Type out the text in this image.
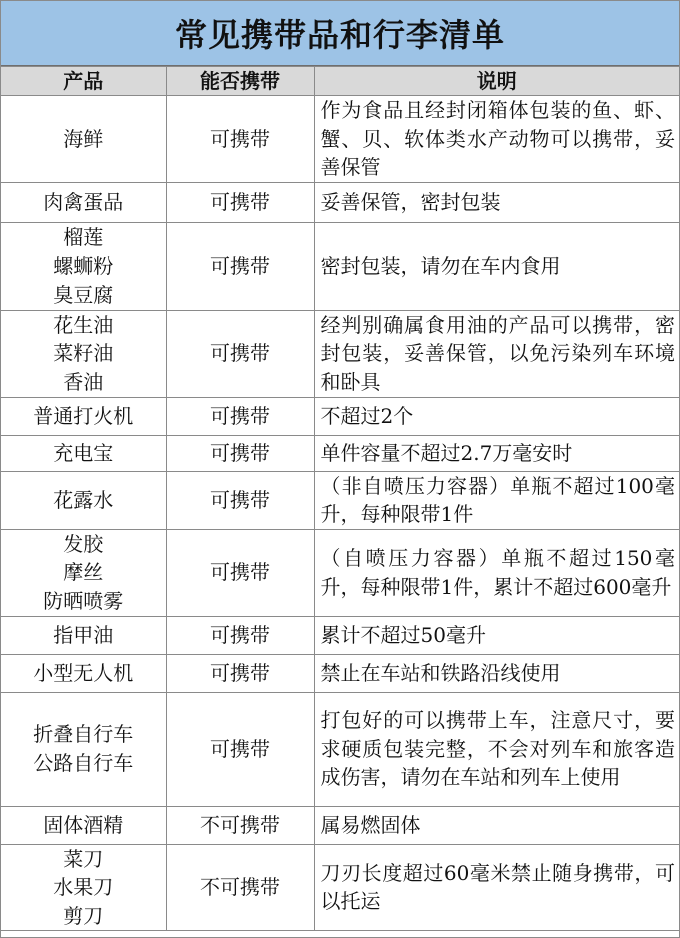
常见携带品和行李清单
产品	能否携带	说明

海鲜	可携带	作为食品且经封闭箱体包装的鱼、虾、蟹、贝、软体类水产动物可以携带，妥善保管

肉禽蛋品	可携带	妥善保管，密封包装

榴莲
螺蛳粉
臭豆腐	可携带	密封包装，请勿在车内食用

花生油
菜籽油
香油	可携带	经判别确属食用油的产品可以携带，密封包装，妥善保管，以免污染列车环境和卧具

普通打火机	可携带	不超过2个

充电宝	可携带	单件容量不超过2.7万毫安时

花露水	可携带	（非自喷压力容器）单瓶不超过100毫升，每种限带1件

发胶
摩丝
防晒喷雾	可携带	（自喷压力容器）单瓶不超过150毫升，每种限带1件，累计不超过600毫升

指甲油	可携带	累计不超过50毫升

小型无人机	可携带	禁止在车站和铁路沿线使用

折叠自行车
公路自行车	可携带	打包好的可以携带上车，注意尺寸，要求硬质包装完整，不会对列车和旅客造成伤害，请勿在车站和列车上使用

固体酒精	不可携带	属易燃固体

菜刀
水果刀
剪刀	不可携带	刀刃长度超过60毫米禁止随身携带，可以托运
